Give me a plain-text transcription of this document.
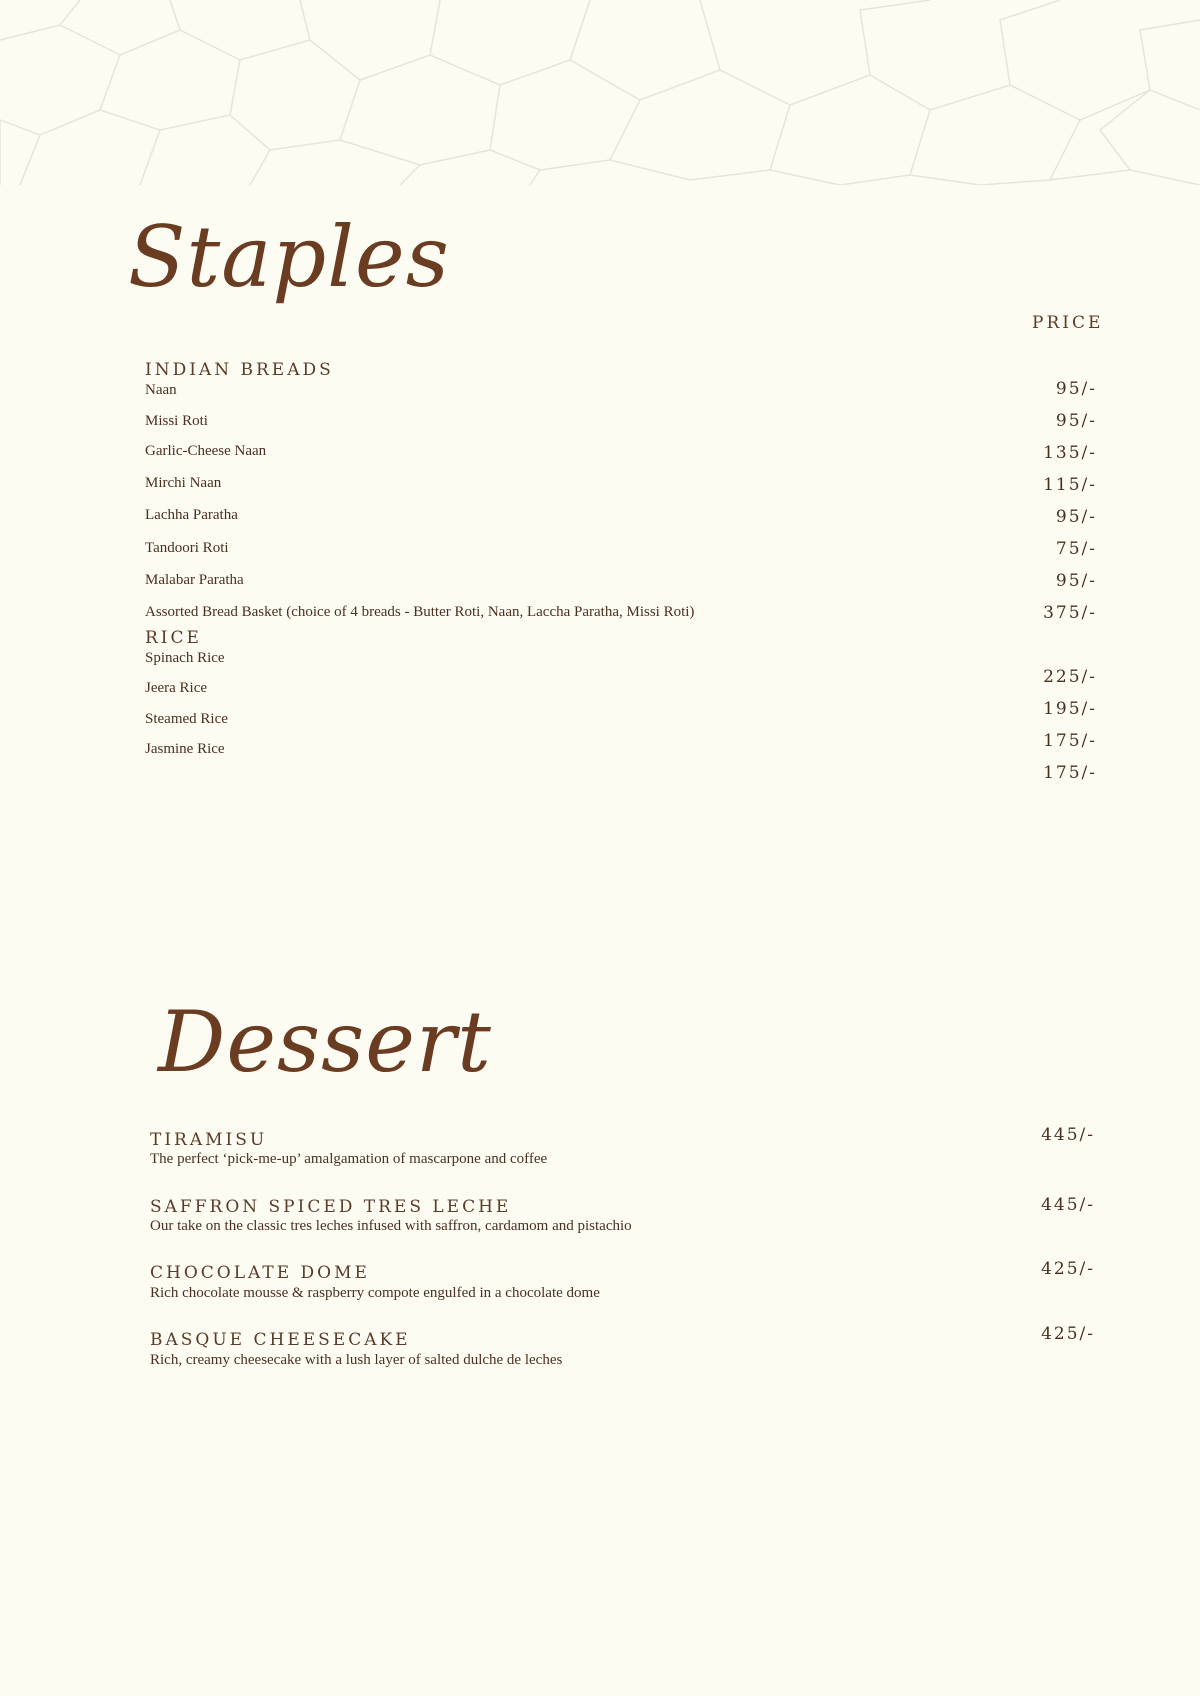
Staples
PRICE
INDIAN BREADS
Naan
Missi Roti
Garlic-Cheese Naan
Mirchi Naan
Lachha Paratha
Tandoori Roti
Malabar Paratha
Assorted Bread Basket (choice of 4 breads - Butter Roti, Naan, Laccha Paratha, Missi Roti)
95/-
95/-
135/-
115/-
95/-
75/-
95/-
375/-
RICE
Spinach Rice
Jeera Rice
Steamed Rice
Jasmine Rice
225/-
195/-
175/-
175/-
Dessert
TIRAMISU
The perfect ‘pick-me-up’ amalgamation of mascarpone and coffee
445/-
SAFFRON SPICED TRES LECHE
Our take on the classic tres leches infused with saffron, cardamom and pistachio
445/-
CHOCOLATE DOME
Rich chocolate mousse & raspberry compote engulfed in a chocolate dome
425/-
BASQUE CHEESECAKE
Rich, creamy cheesecake with a lush layer of salted dulche de leches
425/-
